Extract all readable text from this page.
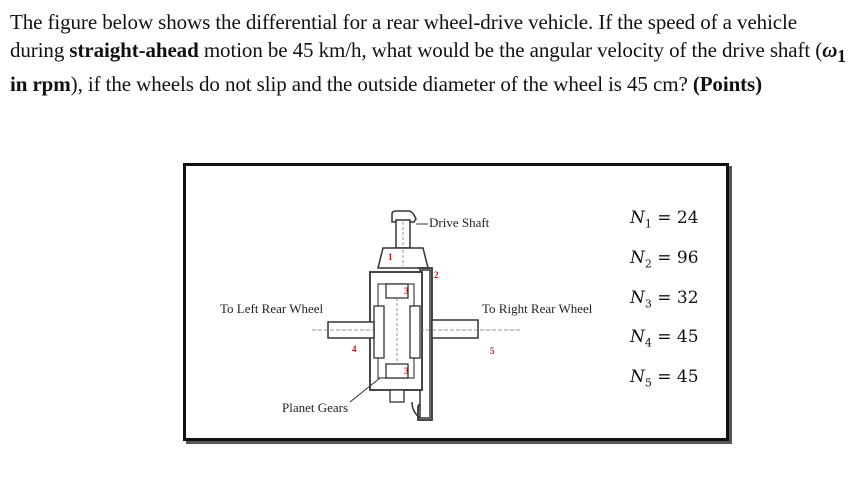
The figure below shows the differential for a rear wheel-drive vehicle. If the speed of a vehicle during straight-ahead motion be 45 km/h, what would be the angular velocity of the drive shaft ($\omega_1$ in rpm), if the wheels do not slip and the outside diameter of the wheel is 45 cm? (Points)
Drive Shaft
To Left Rear Wheel	To Right Rear Wheel
Planet Gears
1
2
3
4	5
3
$N_1 = 24$
$N_2 = 96$
$N_3 = 32$
$N_4 = 45$
$N_5 = 45$
